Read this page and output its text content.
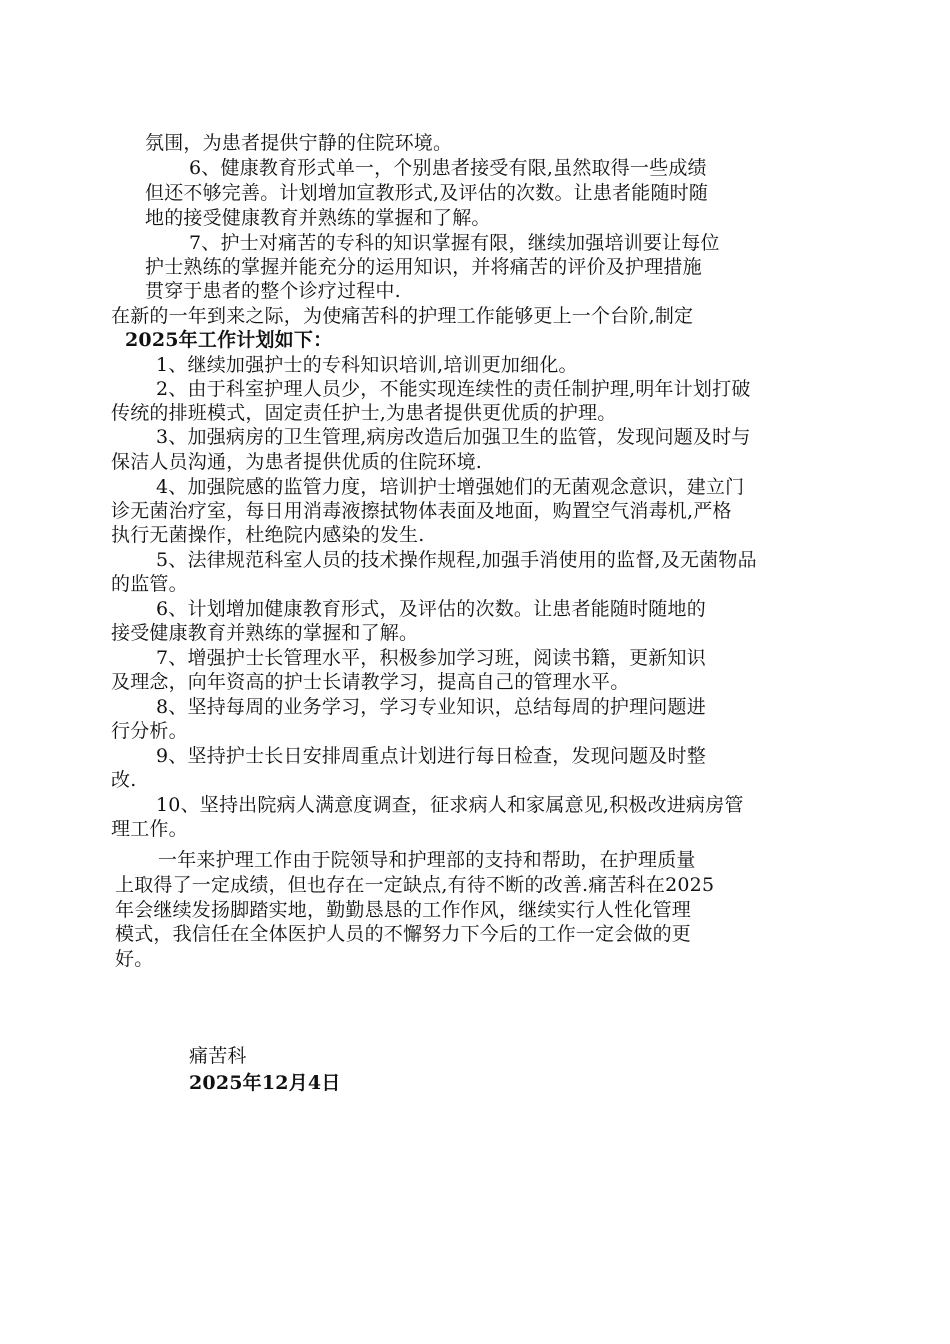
氛围，为患者提供宁静的住院环境。
6、健康教育形式单一，个别患者接受有限,虽然取得一些成绩
但还不够完善。计划增加宣教形式,及评估的次数。让患者能随时随
地的接受健康教育并熟练的掌握和了解。
7、护士对痛苦的专科的知识掌握有限，继续加强培训要让每位
护士熟练的掌握并能充分的运用知识，并将痛苦的评价及护理措施
贯穿于患者的整个诊疗过程中.
在新的一年到来之际，为使痛苦科的护理工作能够更上一个台阶,制定
2025年工作计划如下：
1、继续加强护士的专科知识培训,培训更加细化。
2、由于科室护理人员少，不能实现连续性的责任制护理,明年计划打破
传统的排班模式，固定责任护士,为患者提供更优质的护理。
3、加强病房的卫生管理,病房改造后加强卫生的监管，发现问题及时与
保洁人员沟通，为患者提供优质的住院环境.
4、加强院感的监管力度，培训护士增强她们的无菌观念意识，建立门
诊无菌治疗室，每日用消毒液擦拭物体表面及地面，购置空气消毒机,严格
执行无菌操作，杜绝院内感染的发生.
5、法律规范科室人员的技术操作规程,加强手消使用的监督,及无菌物品
的监管。
6、计划增加健康教育形式，及评估的次数。让患者能随时随地的
接受健康教育并熟练的掌握和了解。
7、增强护士长管理水平，积极参加学习班，阅读书籍，更新知识
及理念，向年资高的护士长请教学习，提高自己的管理水平。
8、坚持每周的业务学习，学习专业知识，总结每周的护理问题进
行分析。
9、坚持护士长日安排周重点计划进行每日检查，发现问题及时整
改.
10、坚持出院病人满意度调查，征求病人和家属意见,积极改进病房管
理工作。
一年来护理工作由于院领导和护理部的支持和帮助，在护理质量
上取得了一定成绩，但也存在一定缺点,有待不断的改善.痛苦科在2025
年会继续发扬脚踏实地，勤勤恳恳的工作作风，继续实行人性化管理
模式，我信任在全体医护人员的不懈努力下今后的工作一定会做的更
好。
痛苦科
2025年12月4日
